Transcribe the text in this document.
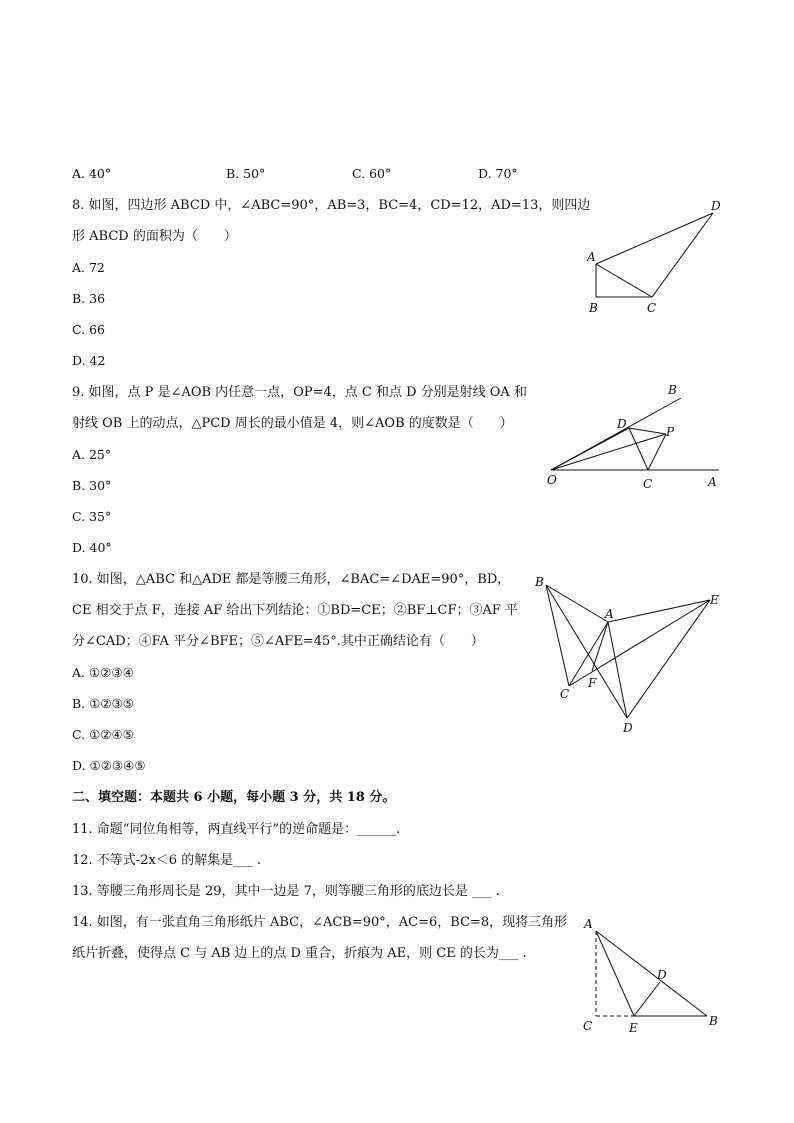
A. 40°	B. 50°	C. 60°	D. 70°
8. 如图，四边形 ABCD 中，∠ABC=90°，AB=3，BC=4，CD=12，AD=13，则四边
形 ABCD 的面积为（　　）
A. 72
B. 36
C. 66
D. 42
D
A
B	C
9. 如图，点 P 是∠AOB 内任意一点，OP=4，点 C 和点 D 分别是射线 OA 和
射线 OB 上的动点，△PCD 周长的最小值是 4，则∠AOB 的度数是（　　）
A. 25°
B. 30°
C. 35°
D. 40°
B
D
P
O	C	A
10. 如图，△ABC 和△ADE 都是等腰三角形，∠BAC=∠DAE=90°，BD，
CE 相交于点 F，连接 AF 给出下列结论：①BD=CE；②BF⊥CF；③AF 平
分∠CAD；④FA 平分∠BFE；⑤∠AFE=45°.其中正确结论有（　　）
A. ①②③④
B. ①②③⑤
C. ①②④⑤
D. ①②③④⑤
B
A
E
C
F
D
二、填空题：本题共 6 小题，每小题 3 分，共 18 分。
11. 命题“同位角相等，两直线平行”的逆命题是：______.
12. 不等式-2x＜6 的解集是___ .
13. 等腰三角形周长是 29，其中一边是 7，则等腰三角形的底边长是 ___ .
14. 如图，有一张直角三角形纸片 ABC，∠ACB=90°，AC=6，BC=8，现将三角形
纸片折叠，使得点 C 与 AB 边上的点 D 重合，折痕为 AE，则 CE 的长为___ .
A
D
C	E	B
